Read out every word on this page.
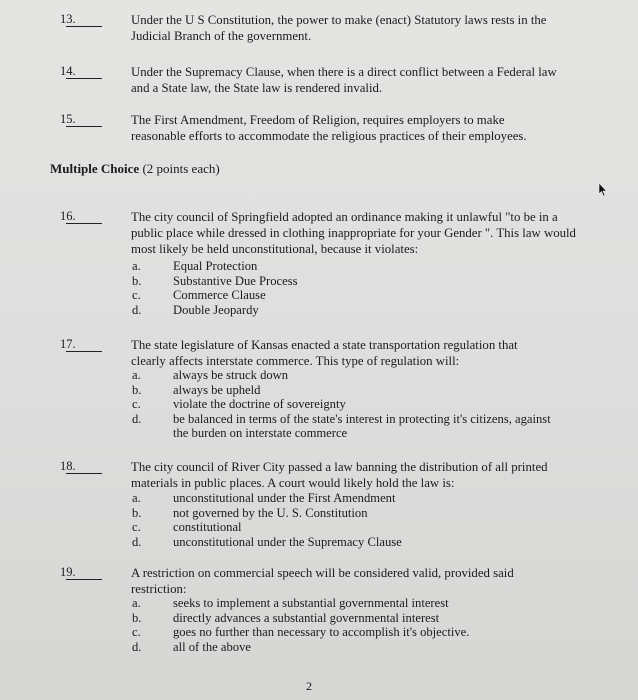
13.	Under the U S Constitution, the power to make (enact) Statutory laws rests in the Judicial Branch of the government.
14.	Under the Supremacy Clause, when there is a direct conflict between a Federal law and a State law, the State law is rendered invalid.
15.	The First Amendment, Freedom of Religion, requires employers to make reasonable efforts to accommodate the religious practices of their employees.
Multiple Choice (2 points each)
16.	The city council of Springfield adopted an ordinance making it unlawful "to be in a public place while dressed in clothing inappropriate for your Gender ". This law would most likely be held unconstitutional, because it violates:
a.	Equal Protection
b.	Substantive Due Process
c.	Commerce Clause
d.	Double Jeopardy
17.	The state legislature of Kansas enacted a state transportation regulation that clearly affects interstate commerce. This type of regulation will:
a.	always be struck down
b.	always be upheld
c.	violate the doctrine of sovereignty
d.	be balanced in terms of the state's interest in protecting it's citizens, against
the burden on interstate commerce
18.	The city council of River City passed a law banning the distribution of all printed materials in public places. A court would likely hold the law is:
a.	unconstitutional under the First Amendment
b.	not governed by the U. S. Constitution
c.	constitutional
d.	unconstitutional under the Supremacy Clause
19.	A restriction on commercial speech will be considered valid, provided said restriction:
a.	seeks to implement a substantial governmental interest
b.	directly advances a substantial governmental interest
c.	goes no further than necessary to accomplish it's objective.
d.	all of the above
2
